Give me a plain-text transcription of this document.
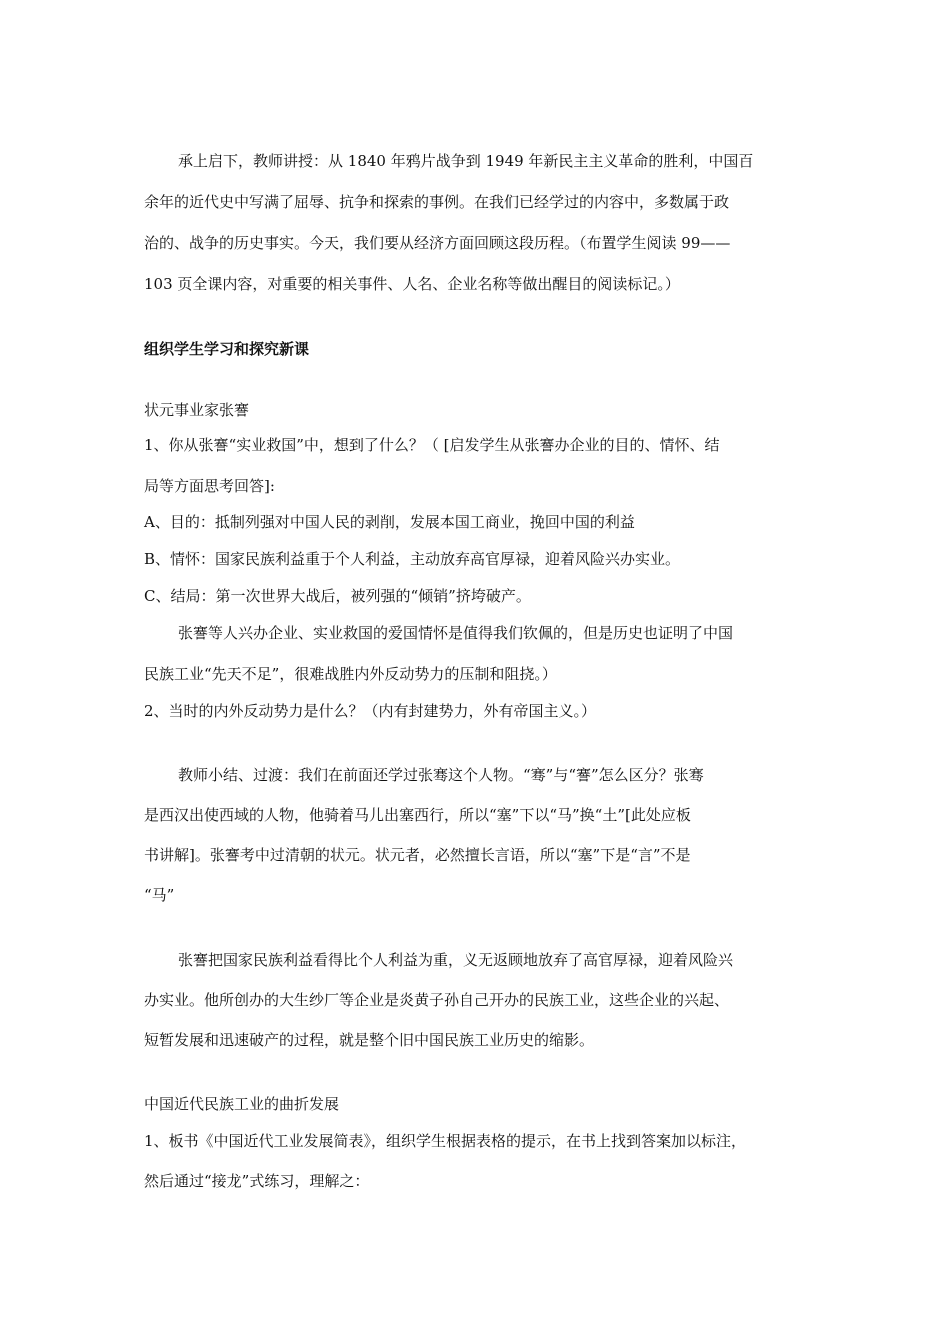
承上启下，教师讲授：从 1840 年鸦片战争到 1949 年新民主主义革命的胜利，中国百
余年的近代史中写满了屈辱、抗争和探索的事例。在我们已经学过的内容中，多数属于政
治的、战争的历史事实。今天，我们要从经济方面回顾这段历程。（布置学生阅读 99——
103 页全课内容，对重要的相关事件、人名、企业名称等做出醒目的阅读标记。）
组织学生学习和探究新课
状元事业家张謇
1、你从张謇“实业救国”中，想到了什么？（ [启发学生从张謇办企业的目的、情怀、结
局等方面思考回答]:
A、目的：抵制列强对中国人民的剥削，发展本国工商业，挽回中国的利益
B、情怀：国家民族利益重于个人利益，主动放弃高官厚禄，迎着风险兴办实业。
C、结局：第一次世界大战后，被列强的“倾销”挤垮破产。
张謇等人兴办企业、实业救国的爱国情怀是值得我们钦佩的，但是历史也证明了中国
民族工业“先天不足”，很难战胜内外反动势力的压制和阻挠。）
2、当时的内外反动势力是什么？（内有封建势力，外有帝国主义。）
教师小结、过渡：我们在前面还学过张骞这个人物。“骞”与“謇”怎么区分？张骞
是西汉出使西域的人物，他骑着马儿出塞西行，所以“塞”下以“马”换“土”[此处应板
书讲解]。张謇考中过清朝的状元。状元者，必然擅长言语，所以“塞”下是“言”不是
“马”
张謇把国家民族利益看得比个人利益为重，义无返顾地放弃了高官厚禄，迎着风险兴
办实业。他所创办的大生纱厂等企业是炎黄子孙自己开办的民族工业，这些企业的兴起、
短暂发展和迅速破产的过程，就是整个旧中国民族工业历史的缩影。
中国近代民族工业的曲折发展
1、板书《中国近代工业发展简表》，组织学生根据表格的提示，在书上找到答案加以标注，
然后通过“接龙”式练习，理解之：
